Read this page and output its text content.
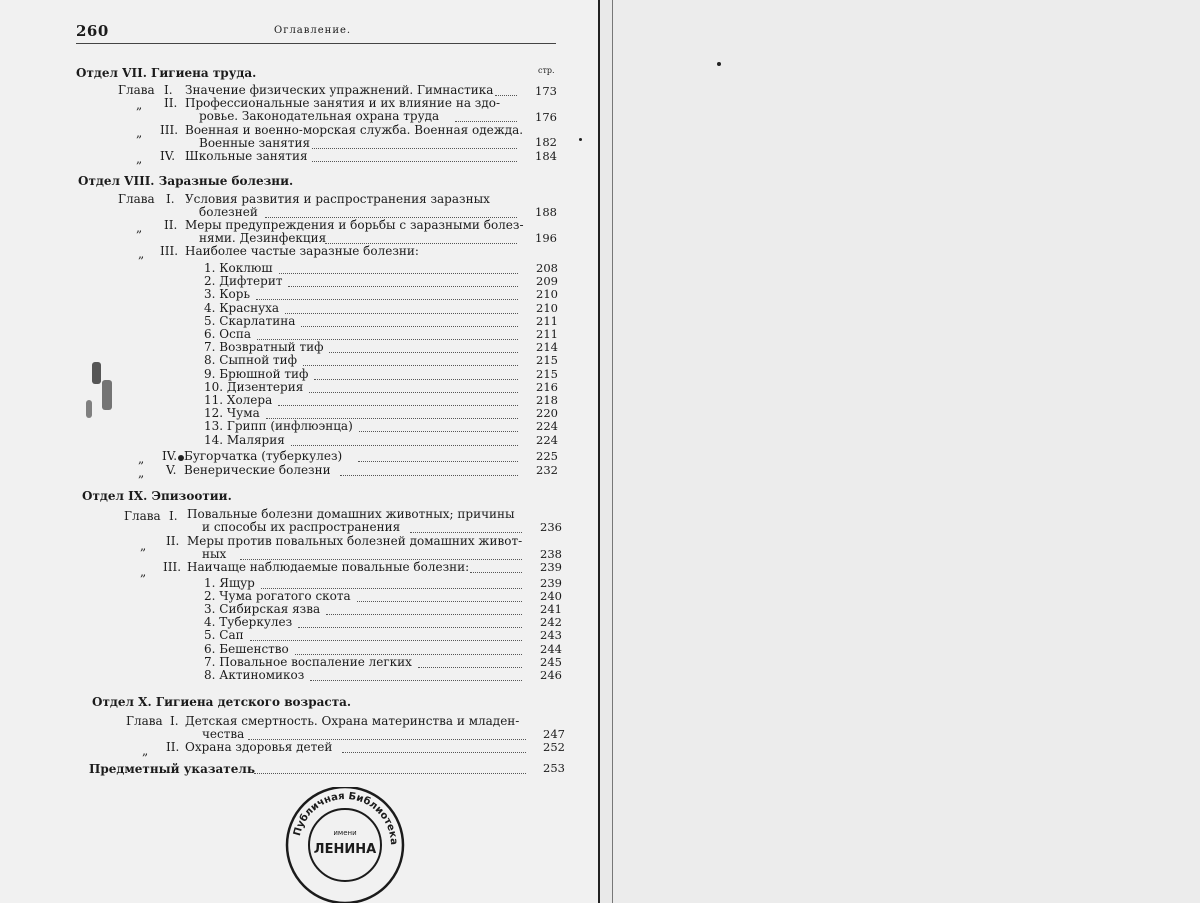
260	Оглавление.
стр.
Отдел VII. Гигиена труда.
Глава I. Значение физических упражнений. Гимнастика	173
„ II. Профессиональные занятия и их влияние на здо-
ровье. Законодательная охрана труда	176
„ III. Военная и военно-морская служба. Военная одежда.
Военные занятия	182
„ IV. Школьные занятия	184
Отдел VIII. Заразные болезни.
Глава I. Условия развития и распространения заразных
болезней	188
„ II. Меры предупреждения и борьбы с заразными болез-
нями. Дезинфекция	196
„ III. Наиболее частые заразные болезни:
1. Коклюш	208
2. Дифтерит	209
3. Корь	210
4. Краснуха	210
5. Скарлатина	211
6. Оспа	211
7. Возвратный тиф	214
8. Сыпной тиф	215
9. Брюшной тиф	215
10. Дизентерия	216
11. Холера	218
12. Чума	220
13. Грипп (инфлюэнца)	224
14. Малярия	224
„ IV. Бугорчатка (туберкулез)	225
„ V. Венерические болезни	232
Отдел IX. Эпизоотии.
Глава I. Повальные болезни домашних животных; причины
и способы их распространения	236
„ II. Меры против повальных болезней домашних живот-
ных	238
„ III. Наичаще наблюдаемые повальные болезни:	239
1. Ящур	239
2. Чума рогатого скота	240
3. Сибирская язва	241
4. Туберкулез	242
5. Сап	243
6. Бешенство	244
7. Повальное воспаление легких	245
8. Актиномикоз	246
Отдел X. Гигиена детского возраста.
Глава I. Детская смертность. Охрана материнства и младен-
чества	247
„ II. Охрана здоровья детей	252
Предметный указатель	253
Публичная Библиотека
имени
ЛЕНИНА
